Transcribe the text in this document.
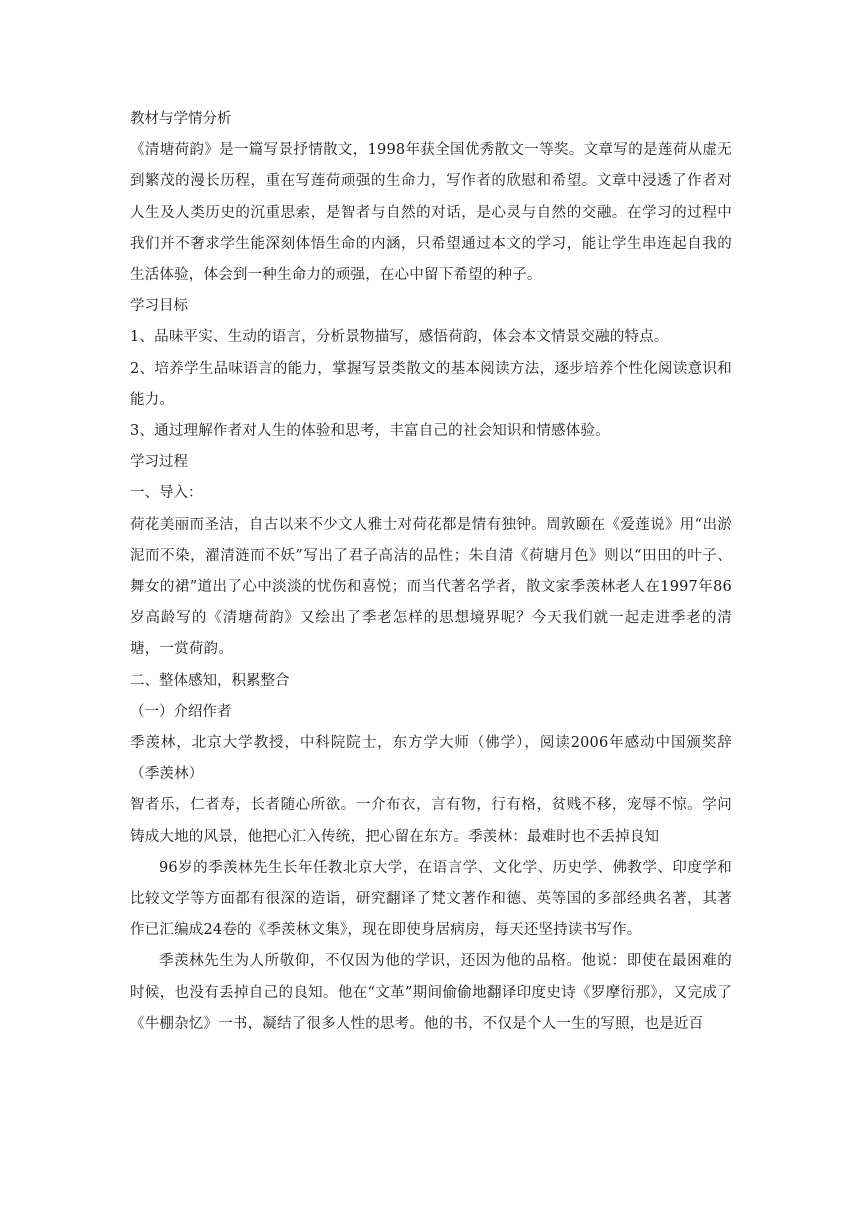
教材与学情分析

《清塘荷韵》是一篇写景抒情散文，1998年获全国优秀散文一等奖。文章写的是莲荷从虚无到繁茂的漫长历程，重在写莲荷顽强的生命力，写作者的欣慰和希望。文章中浸透了作者对人生及人类历史的沉重思索，是智者与自然的对话，是心灵与自然的交融。在学习的过程中我们并不奢求学生能深刻体悟生命的内涵，只希望通过本文的学习，能让学生串连起自我的生活体验，体会到一种生命力的顽强，在心中留下希望的种子。

学习目标

1、品味平实、生动的语言，分析景物描写，感悟荷韵，体会本文情景交融的特点。

2、培养学生品味语言的能力，掌握写景类散文的基本阅读方法，逐步培养个性化阅读意识和能力。

3、通过理解作者对人生的体验和思考，丰富自己的社会知识和情感体验。

学习过程

一、导入：

荷花美丽而圣洁，自古以来不少文人雅士对荷花都是情有独钟。周敦颐在《爱莲说》用“出淤泥而不染，濯清涟而不妖”写出了君子高洁的品性；朱自清《荷塘月色》则以“田田的叶子、舞女的裙”道出了心中淡淡的忧伤和喜悦；而当代著名学者，散文家季羡林老人在1997年86岁高龄写的《清塘荷韵》又绘出了季老怎样的思想境界呢？今天我们就一起走进季老的清塘，一赏荷韵。

二、整体感知，积累整合

（一）介绍作者

季羡林，北京大学教授，中科院院士，东方学大师（佛学），阅读2006年感动中国颁奖辞（季羡林）

智者乐，仁者寿，长者随心所欲。一介布衣，言有物，行有格，贫贱不移，宠辱不惊。学问铸成大地的风景，他把心汇入传统，把心留在东方。季羡林：最难时也不丢掉良知

96岁的季羡林先生长年任教北京大学，在语言学、文化学、历史学、佛教学、印度学和比较文学等方面都有很深的造诣，研究翻译了梵文著作和德、英等国的多部经典名著，其著作已汇编成24卷的《季羡林文集》，现在即使身居病房，每天还坚持读书写作。

季羡林先生为人所敬仰，不仅因为他的学识，还因为他的品格。他说：即使在最困难的时候，也没有丢掉自己的良知。他在“文革”期间偷偷地翻译印度史诗《罗摩衍那》，又完成了《牛棚杂忆》一书，凝结了很多人性的思考。他的书，不仅是个人一生的写照，也是近百
